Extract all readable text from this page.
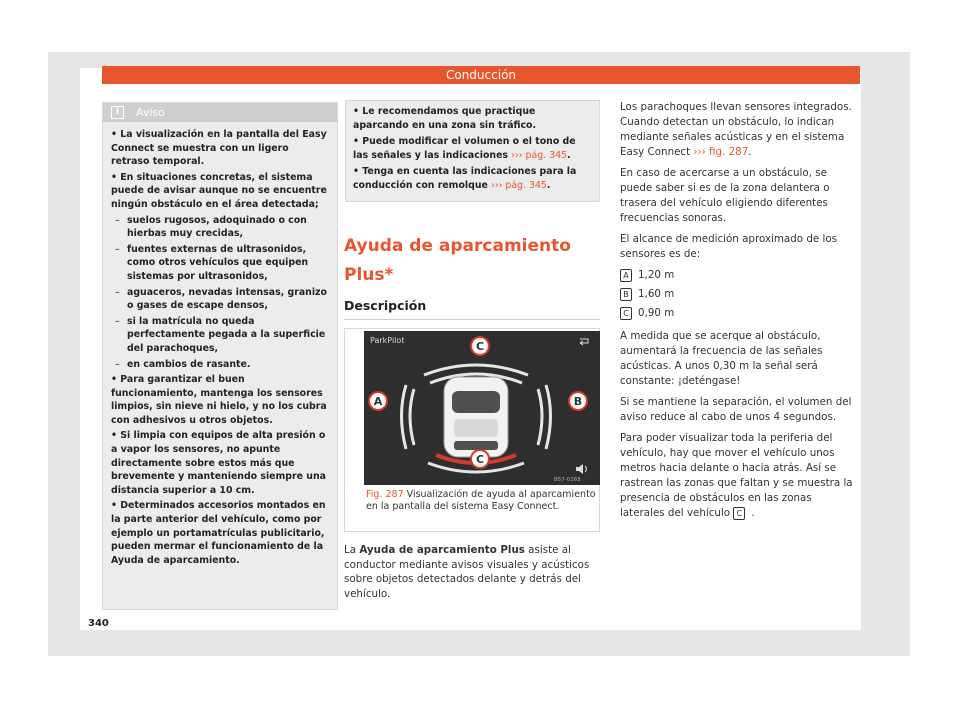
Conducción
i	Aviso

• La visualización en la pantalla del Easy Connect se muestra con un ligero retraso temporal.

• En situaciones concretas, el sistema puede de avisar aunque no se encuentre ningún obstáculo en el área detectada;

– suelos rugosos, adoquinado o con hierbas muy crecidas,

– fuentes externas de ultrasonidos, como otros vehículos que equipen sistemas por ultrasonidos,

– aguaceros, nevadas intensas, granizo o gases de escape densos,

– si la matrícula no queda perfectamente pegada a la superficie del parachoques,

– en cambios de rasante.

• Para garantizar el buen funcionamiento, mantenga los sensores limpios, sin nieve ni hielo, y no los cubra con adhesivos u otros objetos.

• Si limpia con equipos de alta presión o a vapor los sensores, no apunte directamente sobre estos más que brevemente y manteniendo siempre una distancia superior a 10 cm.

• Determinados accesorios montados en la parte anterior del vehículo, como por ejemplo un portamatrículas publicitario, pueden mermar el funcionamiento de la Ayuda de aparcamiento.

• Le recomendamos que practique aparcando en una zona sin tráfico.

• Puede modificar el volumen o el tono de las señales y las indicaciones ››› pág. 345.

• Tenga en cuenta las indicaciones para la conducción con remolque ››› pág. 345.

Ayuda de aparcamiento Plus*
Descripción
ParkPilot
B57-0268
C
A	B
C
Fig. 287 Visualización de ayuda al aparcamiento en la pantalla del sistema Easy Connect.
La Ayuda de aparcamiento Plus asiste al conductor mediante avisos visuales y acústicos sobre objetos detectados delante y detrás del vehículo.

Los parachoques llevan sensores integrados. Cuando detectan un obstáculo, lo indican mediante señales acústicas y en el sistema Easy Connect ››› fig. 287.

En caso de acercarse a un obstáculo, se puede saber si es de la zona delantera o trasera del vehículo eligiendo diferentes frecuencias sonoras.

El alcance de medición aproximado de los sensores es de:

A 1,20 m
B 1,60 m
C 0,90 m

A medida que se acerque al obstáculo, aumentará la frecuencia de las señales acústicas. A unos 0,30 m la señal será constante: ¡deténgase!

Si se mantiene la separación, el volumen del aviso reduce al cabo de unos 4 segundos.

Para poder visualizar toda la periferia del vehículo, hay que mover el vehículo unos metros hacia delante o hacia atrás. Así se rastrean las zonas que faltan y se muestra la presencia de obstáculos en las zonas laterales del vehículo C .

340
